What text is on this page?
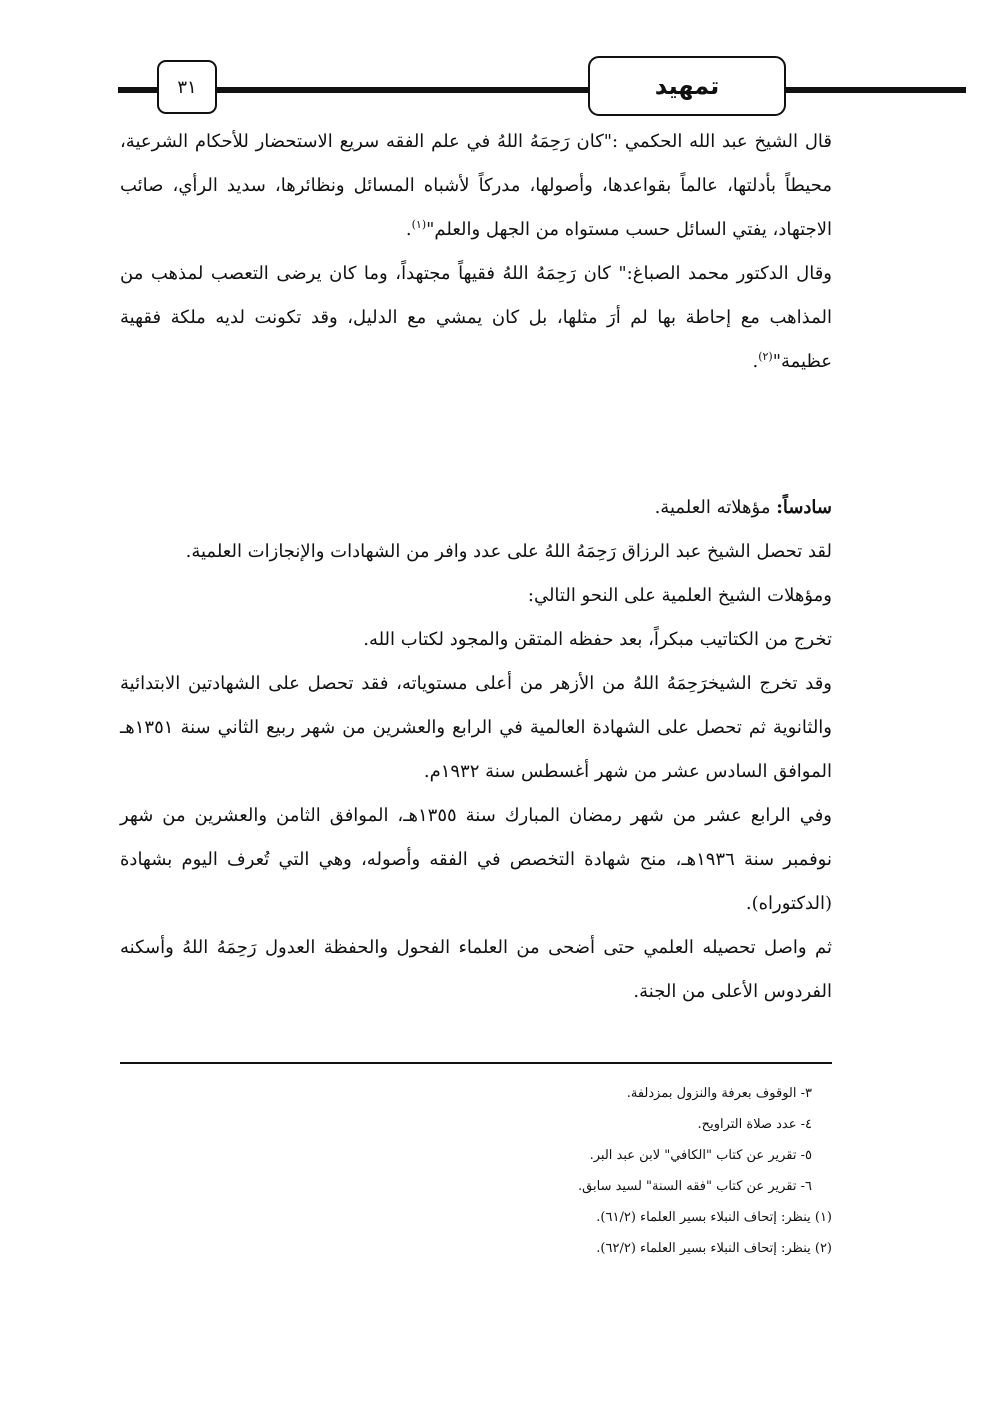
٣١	تمهيد

قال الشيخ عبد الله الحكمي :"كان رَحِمَهُ اللهُ في علم الفقه سريع الاستحضار للأحكام الشرعية، محيطاً بأدلتها، عالماً بقواعدها، وأصولها، مدركاً لأشباه المسائل ونظائرها، سديد الرأي، صائب الاجتهاد، يفتي السائل حسب مستواه من الجهل والعلم"$^{(١)}$.

وقال الدكتور محمد الصباغ:" كان رَحِمَهُ اللهُ فقيهاً مجتهداً، وما كان يرضى التعصب لمذهب من المذاهب مع إحاطة بها لم أرَ مثلها، بل كان يمشي مع الدليل، وقد تكونت لديه ملكة فقهية عظيمة"$^{(٢)}$.

سادساً: مؤهلاته العلمية.

لقد تحصل الشيخ عبد الرزاق رَحِمَهُ اللهُ على عدد وافر من الشهادات والإنجازات العلمية.

ومؤهلات الشيخ العلمية على النحو التالي:

تخرج من الكتاتيب مبكراً، بعد حفظه المتقن والمجود لكتاب الله.

وقد تخرج الشيخرَحِمَهُ اللهُ من الأزهر من أعلى مستوياته، فقد تحصل على الشهادتين الابتدائية والثانوية ثم تحصل على الشهادة العالمية في الرابع والعشرين من شهر ربيع الثاني سنة ١٣٥١هـ الموافق السادس عشر من شهر أغسطس سنة ١٩٣٢م.

وفي الرابع عشر من شهر رمضان المبارك سنة ١٣٥٥هـ، الموافق الثامن والعشرين من شهر نوفمبر سنة ١٩٣٦هـ، منح شهادة التخصص في الفقه وأصوله، وهي التي تُعرف اليوم بشهادة (الدكتوراه).

ثم واصل تحصيله العلمي حتى أضحى من العلماء الفحول والحفظة العدول رَحِمَهُ اللهُ وأسكنه الفردوس الأعلى من الجنة.

٣- الوقوف بعرفة والنزول بمزدلفة.
٤- عدد صلاة التراويح.
٥- تقرير عن كتاب "الكافي" لابن عبد البر.
٦- تقرير عن كتاب "فقه السنة" لسيد سابق.
(١) ينظر: إتحاف النبلاء بسير العلماء (٦١/٢).
(٢) ينظر: إتحاف النبلاء بسير العلماء (٦٢/٢).
